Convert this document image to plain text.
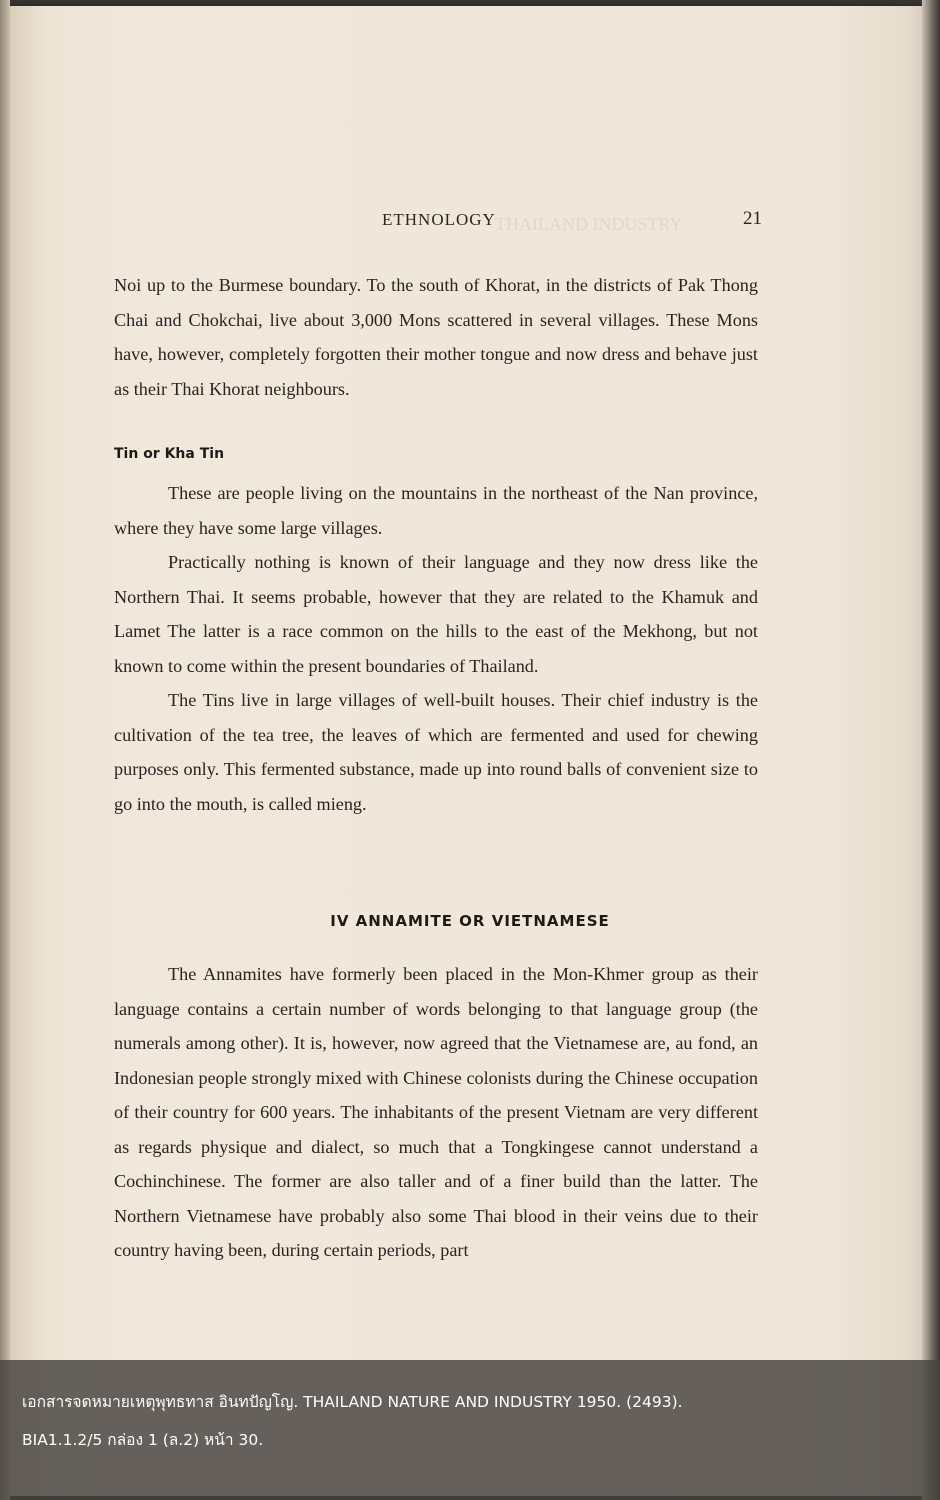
THAILAND INDUSTRY
ETHNOLOGY	21

Noi up to the Burmese boundary. To the south of Khorat, in the districts of Pak Thong Chai and Chokchai, live about 3,000 Mons scattered in several villages. These Mons have, however, completely forgotten their mother tongue and now dress and behave just as their Thai Khorat neighbours.

Tin or Kha Tin

These are people living on the mountains in the northeast of the Nan province, where they have some large villages.

Practically nothing is known of their language and they now dress like the Northern Thai. It seems probable, however that they are related to the Khamuk and Lamet The latter is a race common on the hills to the east of the Mekhong, but not known to come within the present boundaries of Thailand.

The Tins live in large villages of well-built houses. Their chief industry is the cultivation of the tea tree, the leaves of which are fermented and used for chewing purposes only. This fermented substance, made up into round balls of convenient size to go into the mouth, is called mieng.

IV ANNAMITE OR VIETNAMESE

The Annamites have formerly been placed in the Mon-Khmer group as their language contains a certain number of words belonging to that language group (the numerals among other). It is, however, now agreed that the Vietnamese are, au fond, an Indonesian people strongly mixed with Chinese colonists during the Chinese occupation of their country for 600 years. The inhabitants of the present Vietnam are very different as regards physique and dialect, so much that a Tongkingese cannot understand a Cochinchinese. The former are also taller and of a finer build than the latter. The Northern Vietnamese have probably also some Thai blood in their veins due to their country having been, during certain periods, part

เอกสารจดหมายเหตุพุทธทาส อินทปัญโญ. THAILAND NATURE AND INDUSTRY 1950. (2493).
BIA1.1.2/5 กล่อง 1 (ล.2) หน้า 30.
